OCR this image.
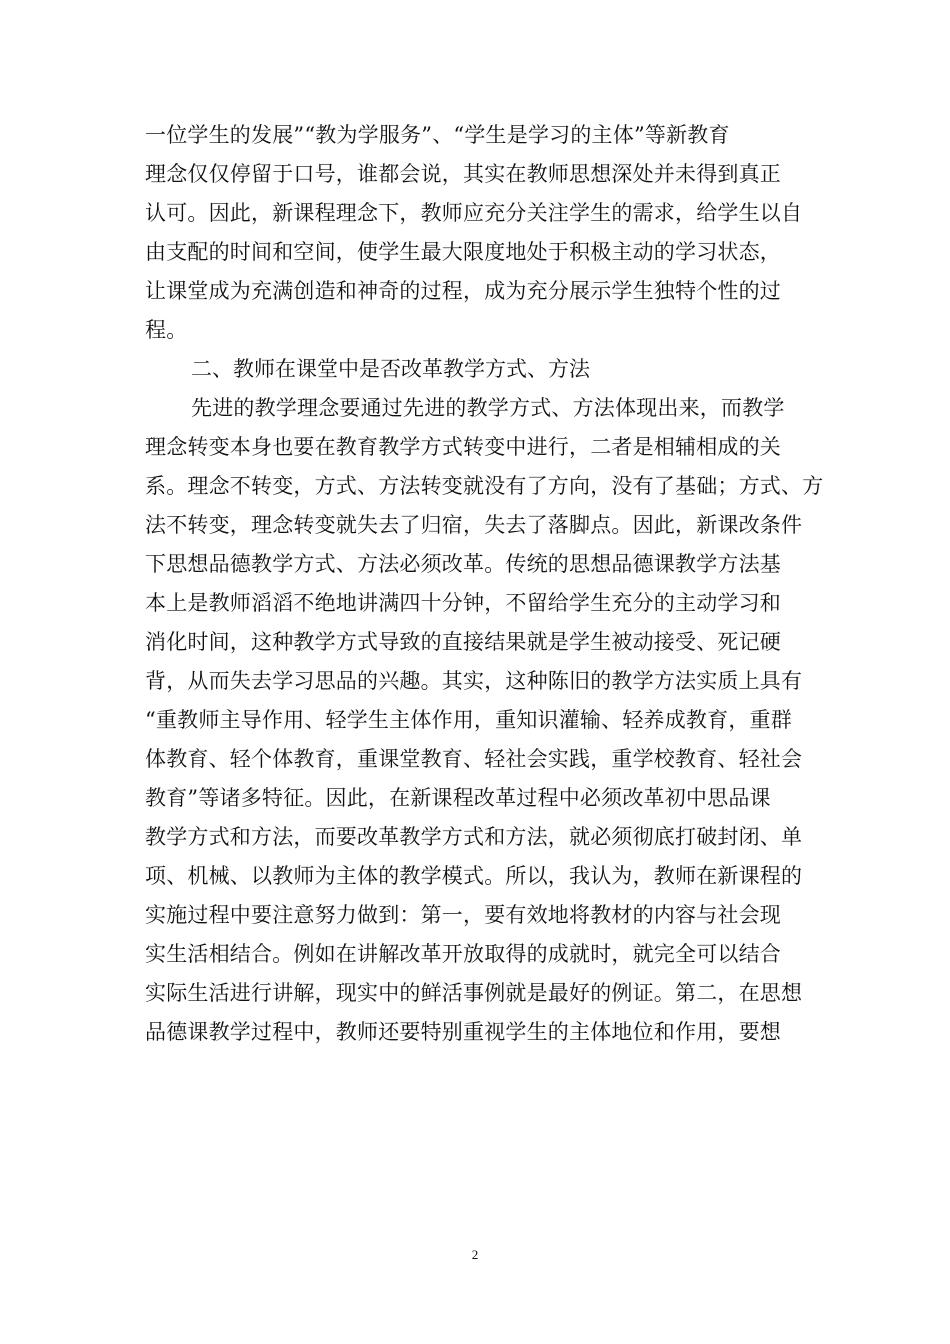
一位学生的发展”“教为学服务”、“学生是学习的主体”等新教育
理念仅仅停留于口号，谁都会说，其实在教师思想深处并未得到真正
认可。因此，新课程理念下，教师应充分关注学生的需求，给学生以自
由支配的时间和空间，使学生最大限度地处于积极主动的学习状态，
让课堂成为充满创造和神奇的过程，成为充分展示学生独特个性的过
程。
二、教师在课堂中是否改革教学方式、方法
先进的教学理念要通过先进的教学方式、方法体现出来，而教学
理念转变本身也要在教育教学方式转变中进行，二者是相辅相成的关
系。理念不转变，方式、方法转变就没有了方向，没有了基础；方式、方
法不转变，理念转变就失去了归宿，失去了落脚点。因此，新课改条件
下思想品德教学方式、方法必须改革。传统的思想品德课教学方法基
本上是教师滔滔不绝地讲满四十分钟，不留给学生充分的主动学习和
消化时间，这种教学方式导致的直接结果就是学生被动接受、死记硬
背，从而失去学习思品的兴趣。其实，这种陈旧的教学方法实质上具有
“重教师主导作用、轻学生主体作用，重知识灌输、轻养成教育，重群
体教育、轻个体教育，重课堂教育、轻社会实践，重学校教育、轻社会
教育”等诸多特征。因此，在新课程改革过程中必须改革初中思品课
教学方式和方法，而要改革教学方式和方法，就必须彻底打破封闭、单
项、机械、以教师为主体的教学模式。所以，我认为，教师在新课程的
实施过程中要注意努力做到：第一，要有效地将教材的内容与社会现
实生活相结合。例如在讲解改革开放取得的成就时，就完全可以结合
实际生活进行讲解，现实中的鲜活事例就是最好的例证。第二，在思想
品德课教学过程中，教师还要特别重视学生的主体地位和作用，要想
2
